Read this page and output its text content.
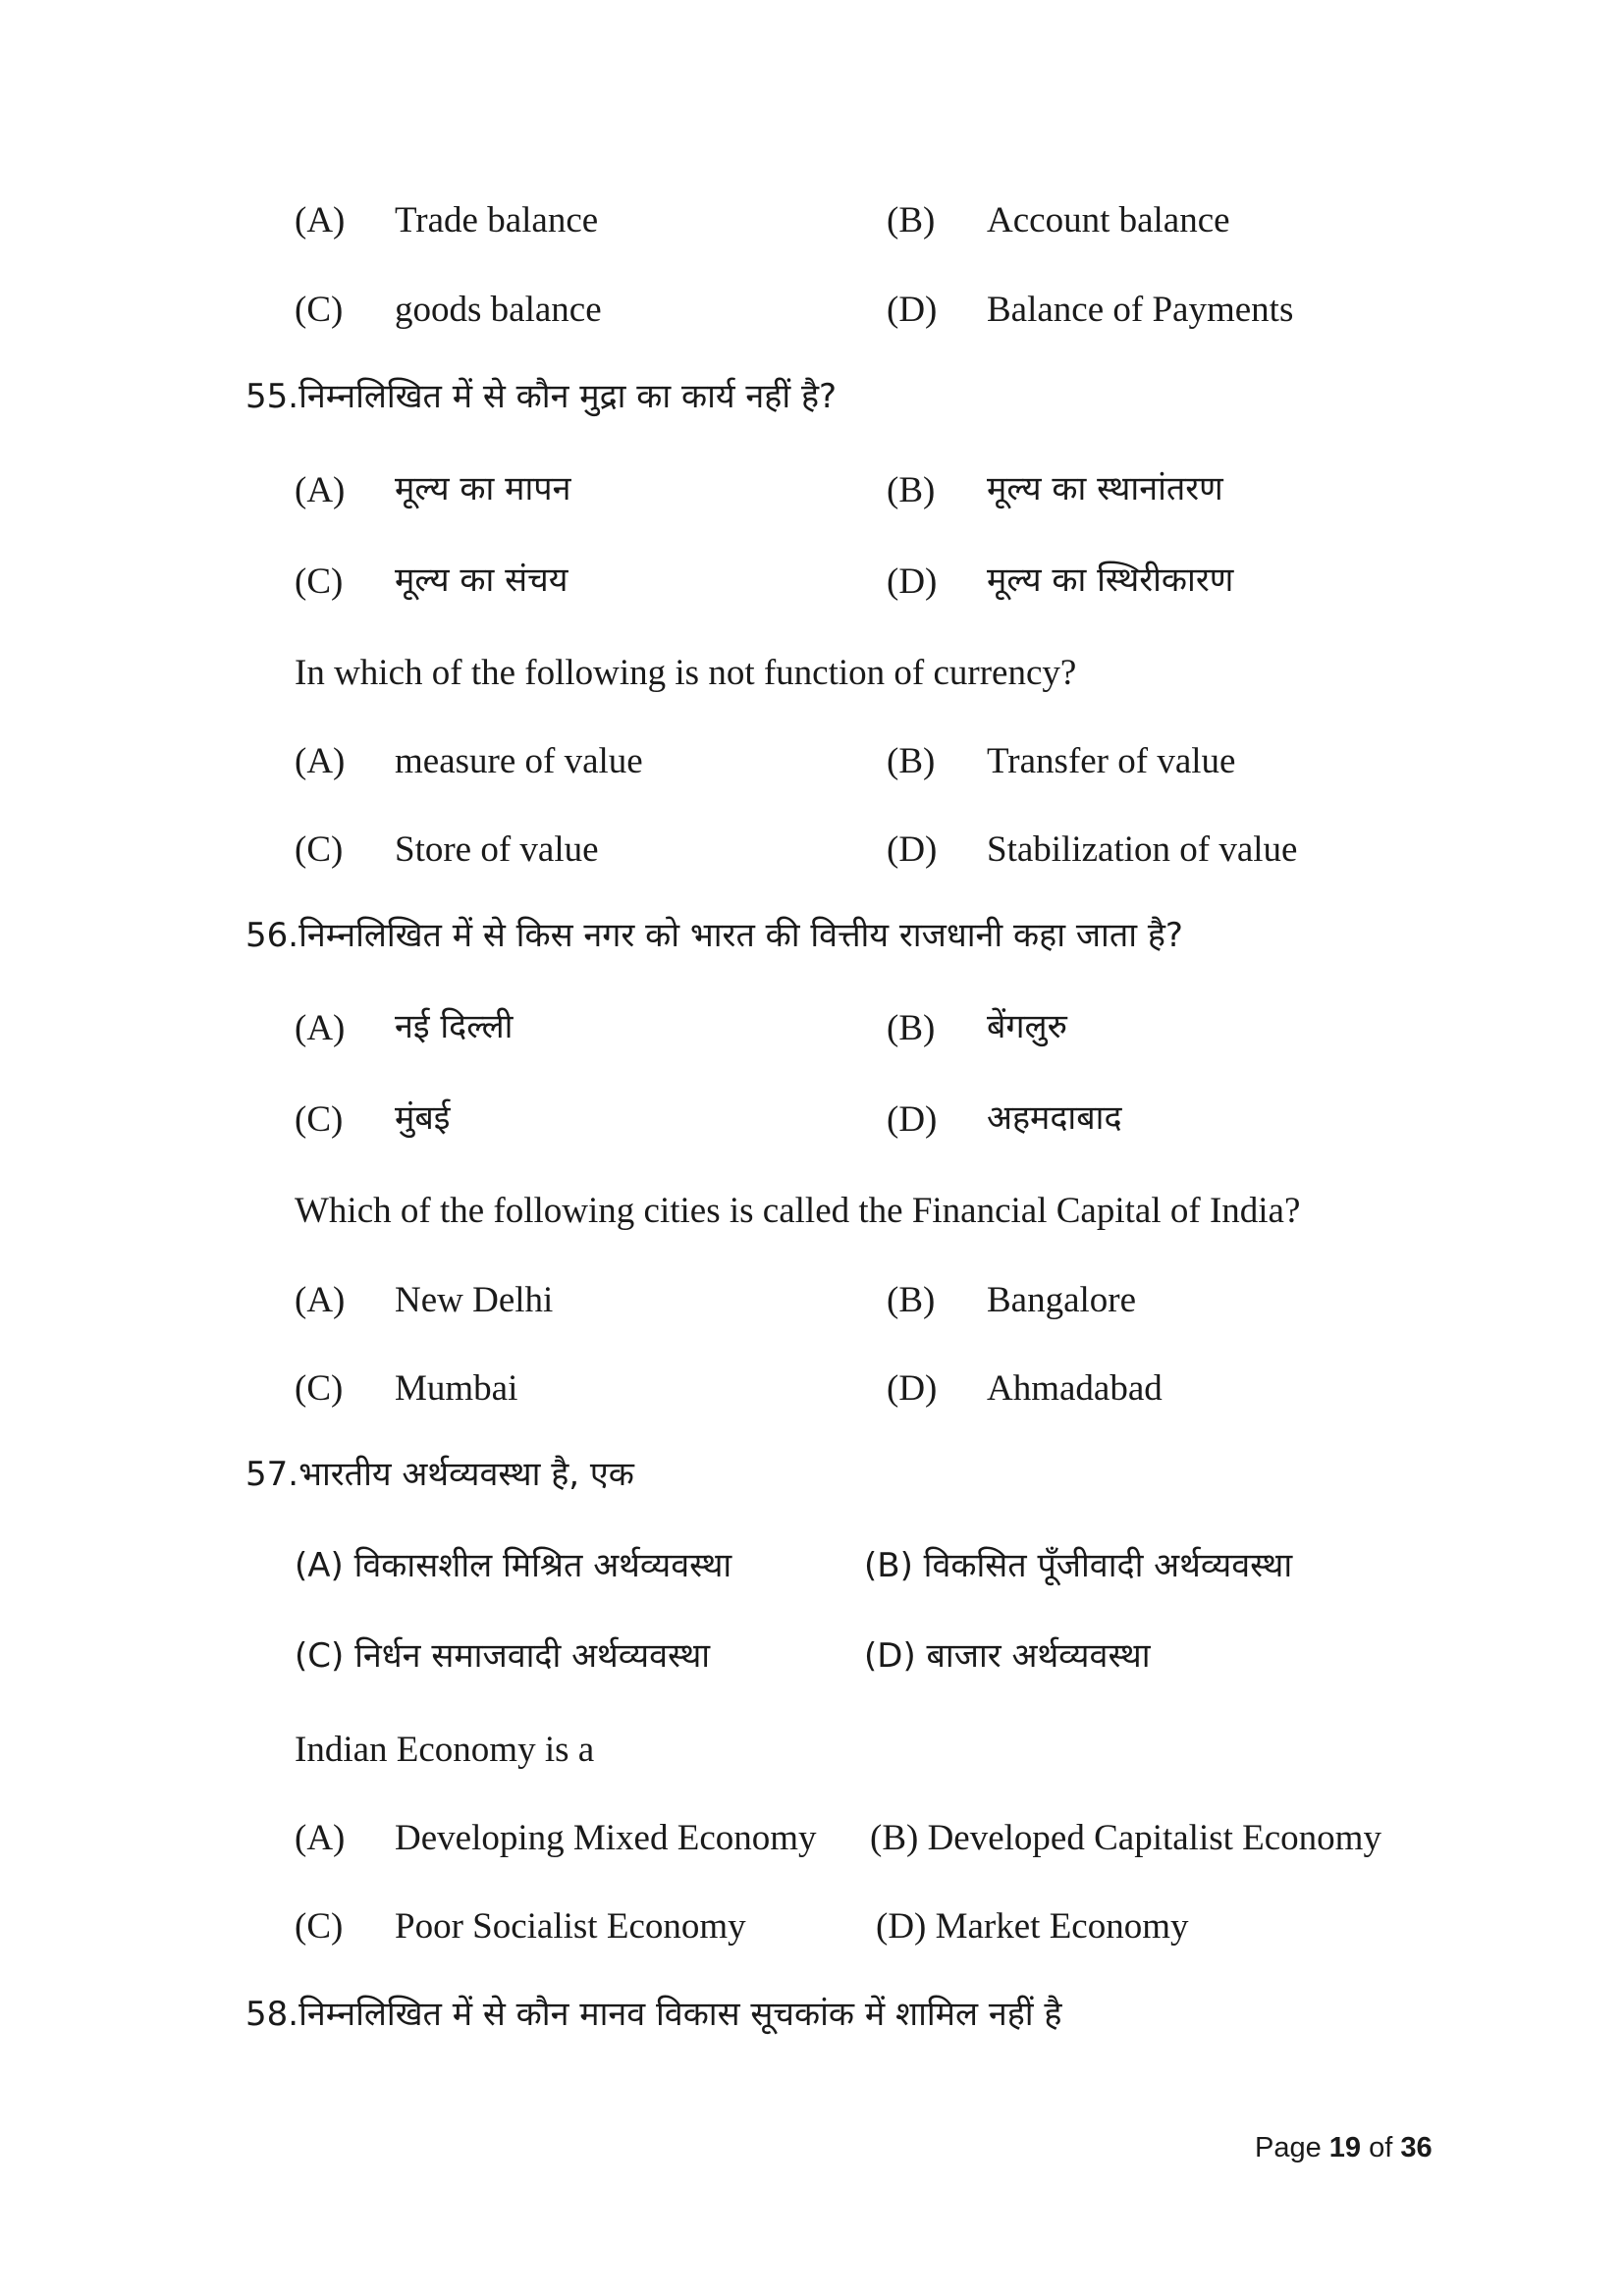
(A) Trade balance	(B) Account balance
(C) goods balance	(D) Balance of Payments
55.निम्नलिखित में से कौन मुद्रा का कार्य नहीं है?
(A) मूल्य का मापन	(B) मूल्य का स्थानांतरण
(C) मूल्य का संचय	(D) मूल्य का स्थिरीकारण
In which of the following is not function of currency?
(A) measure of value	(B) Transfer of value
(C) Store of value	(D) Stabilization of value
56.निम्नलिखित में से किस नगर को भारत की वित्तीय राजधानी कहा जाता है?
(A) नई दिल्ली	(B) बेंगलुरु
(C) मुंबई	(D) अहमदाबाद
Which of the following cities is called the Financial Capital of India?
(A) New Delhi	(B) Bangalore
(C) Mumbai	(D) Ahmadabad
57.भारतीय अर्थव्यवस्था है, एक
(A) विकासशील मिश्रित अर्थव्यवस्था	(B) विकसित पूँजीवादी अर्थव्यवस्था
(C) निर्धन समाजवादी अर्थव्यवस्था	(D) बाजार अर्थव्यवस्था
Indian Economy is a
(A) Developing Mixed Economy (B) Developed Capitalist Economy
(C) Poor Socialist Economy	(D) Market Economy
58.निम्नलिखित में से कौन मानव विकास सूचकांक में शामिल नहीं है
Page 19 of 36
